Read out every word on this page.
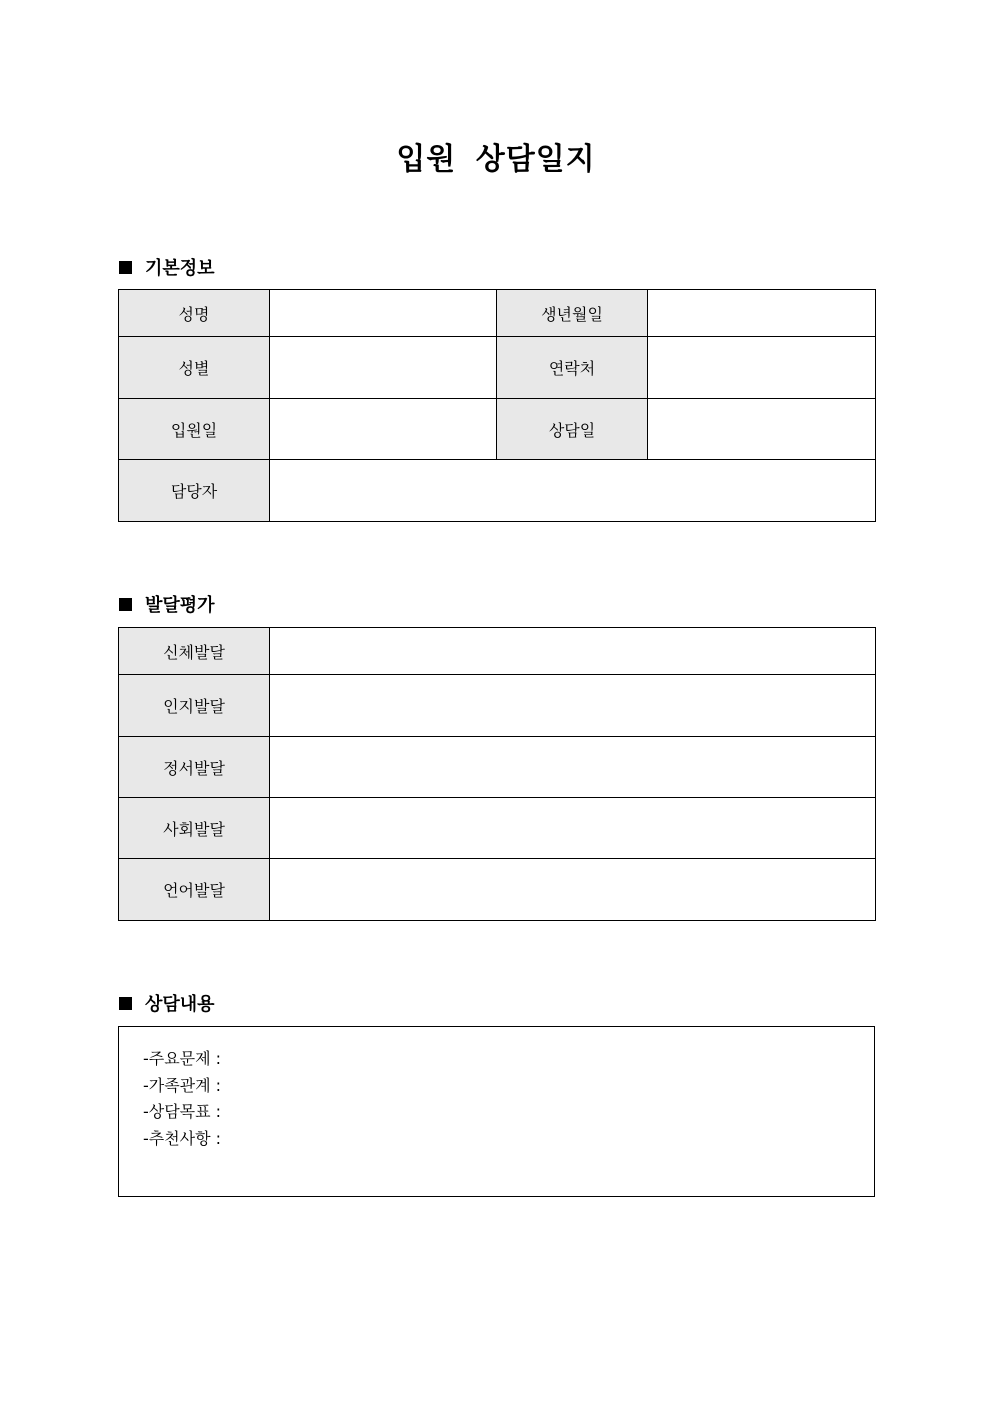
입원 상담일지
기본정보
성명		생년월일	
성별		연락처	
입원일		상담일	
담당자			
발달평가
신체발달	
인지발달	
정서발달	
사회발달	
언어발달	
상담내용
-주요문제 :
-가족관계 :
-상담목표 :
-추천사항 :
